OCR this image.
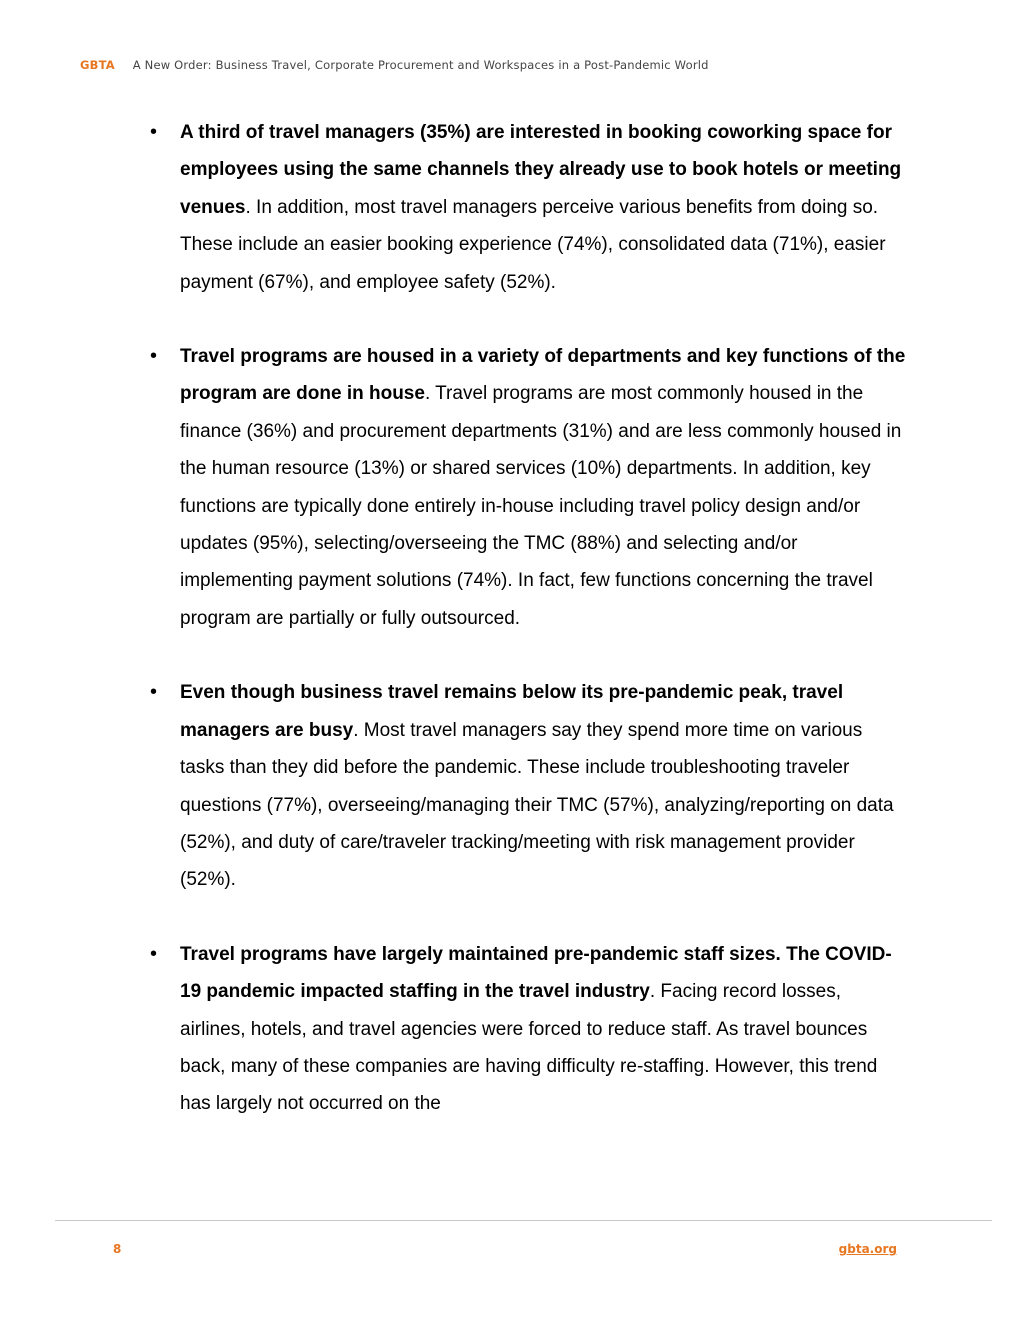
GBTA A New Order: Business Travel, Corporate Procurement and Workspaces in a Post-Pandemic World
•	A third of travel managers (35%) are interested in booking coworking space for employees using the same channels they already use to book hotels or meeting venues. In addition, most travel managers perceive various benefits from doing so. These include an easier booking experience (74%), consolidated data (71%), easier payment (67%), and employee safety (52%).
•	Travel programs are housed in a variety of departments and key functions of the program are done in house. Travel programs are most commonly housed in the finance (36%) and procurement departments (31%) and are less commonly housed in the human resource (13%) or shared services (10%) departments. In addition, key functions are typically done entirely in-house including travel policy design and/or updates (95%), selecting/overseeing the TMC (88%) and selecting and/or implementing payment solutions (74%). In fact, few functions concerning the travel program are partially or fully outsourced.
•	Even though business travel remains below its pre-pandemic peak, travel managers are busy. Most travel managers say they spend more time on various tasks than they did before the pandemic. These include troubleshooting traveler questions (77%), overseeing/managing their TMC (57%), analyzing/reporting on data (52%), and duty of care/traveler tracking/meeting with risk management provider (52%).
•	Travel programs have largely maintained pre-pandemic staff sizes. The COVID-19 pandemic impacted staffing in the travel industry. Facing record losses, airlines, hotels, and travel agencies were forced to reduce staff. As travel bounces back, many of these companies are having difficulty re-staffing. However, this trend has largely not occurred on the
8	gbta.org
